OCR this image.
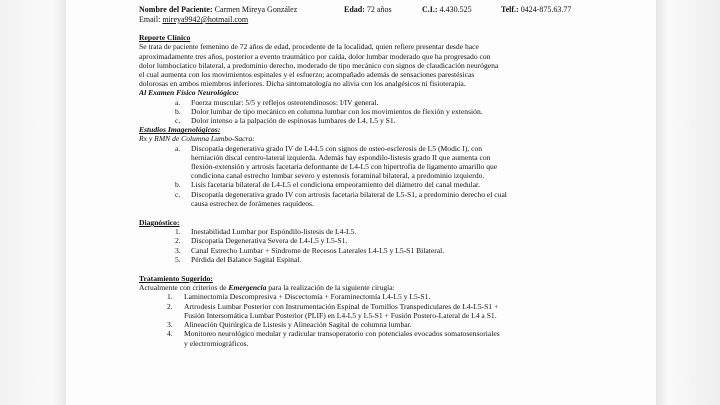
Nombre del Paciente: Carmen Mireya González	Edad: 72 años	C.I.: 4.430.525	Telf.: 0424-875.63.77
Email: mireya9942@hotmail.com
Reporte Clínico
Se trata de paciente femenino de 72 años de edad, procedente de la localidad, quien refiere presentar desde hace
aproximadamente tres años, posterior a evento traumático por caída, dolor lumbar moderado que ha progresado con
dolor lumbociatico bilateral, a predominio derecho, moderado de tipo mecánico con signos de claudicación neurógena
el cual aumenta con los movimientos espinales y el esfuerzo; acompañado además de sensaciones parestésicas
dolorosas en ambos miembros inferiores. Dicha sintomatología no alivia con los analgésicos ni fisioterapia.
Al Examen Físico Neurológico:
a. Fuerza muscular: 5/5 y reflejos osteotendinosos: I/IV general.
b. Dolor lumbar de tipo mecánico en columna lumbar con los movimientos de flexión y extensión.
c. Dolor intenso a la palpación de espinosas lumbares de L4, L5 y S1.
Estudios Imagenológicos:
Rx y RMN de Columna Lumbo-Sacra:
a. Discopatía degenerativa grado IV de L4-L5 con signos de osteo-esclerosis de L5 (Modic I), con
herniación discal centro-lateral izquierda. Además hay espondilo-listesis grado II que aumenta con
flexión-extensión y artrosis facetaria deformante de L4-L5 con hipertrofia de ligamento amarillo que
condiciona canal estrecho lumbar severo y estenosis foraminal bilateral, a predominio izquierdo.
b. Lisis facetaria bilateral de L4-L5 el condiciona empeoramiento del diámetro del canal medular.
c. Discopatía degenerativa grado IV con artrosis facetaria bilateral de L5-S1, a predominio derecho el cual
causa estrechez de forámenes raquídeos.
Diagnóstico:
1. Inestabilidad Lumbar por Espóndilo-listesis de L4-L5.
2. Discopatía Degenerativa Severa de L4-L5 y L5-S1.
3. Canal Estrecho Lumbar + Síndrome de Recesos Laterales L4-L5 y L5-S1 Bilateral.
5. Pérdida del Balance Sagital Espinal.
Tratamiento Sugerido:
Actualmente con criterios de Emergencia para la realización de la siguiente cirugía:
1. Laminectomía Descompresiva + Discectomía + Foraminectomía L4-L5 y L5-S1.
2. Artrodesis Lumbar Posterior con Instrumentación Espinal de Tornillos Transpediculares de L4-L5-S1 +
Fusión Intersomática Lumbar Posterior (PLIF) en L4-L5 y L5-S1 + Fusión Postero-Lateral de L4 a S1.
3. Alineación Quirúrgica de Listesis y Alineación Sagital de columna lumbar.
4. Monitoreo neurológico medular y radicular transoperatorio con potenciales evocados somatosensoriales
y electromiográficos.
